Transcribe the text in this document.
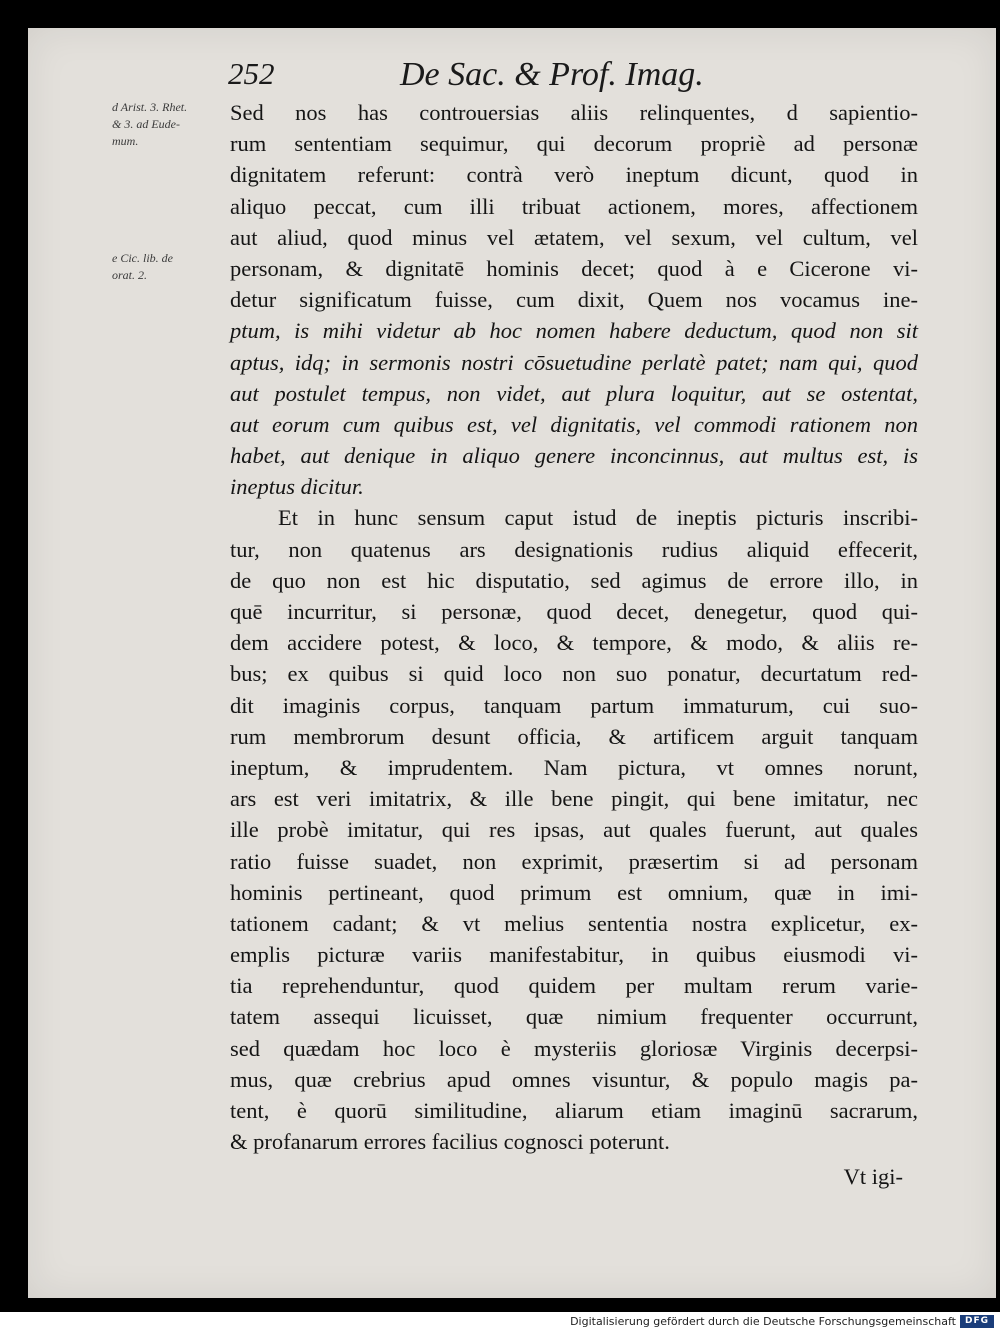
252	De Sac. & Prof. Imag.
d Arist. 3. Rhet.
& 3. ad Eude-
mum.
e Cic. lib. de
orat. 2.
Sed nos has controuersias aliis relinquentes, d sapientio-
rum sententiam sequimur, qui decorum propriè ad personæ
dignitatem referunt: contrà verò ineptum dicunt, quod in
aliquo peccat, cum illi tribuat actionem, mores, affectionem
aut aliud, quod minus vel ætatem, vel sexum, vel cultum, vel
personam, & dignitatē hominis decet; quod à e Cicerone vi-
detur significatum fuisse, cum dixit, Quem nos vocamus ine-
ptum, is mihi videtur ab hoc nomen habere deductum, quod non sit
aptus, idq; in sermonis nostri cōsuetudine perlatè patet; nam qui, quod
aut postulet tempus, non videt, aut plura loquitur, aut se ostentat,
aut eorum cum quibus est, vel dignitatis, vel commodi rationem non
habet, aut denique in aliquo genere inconcinnus, aut multus est, is
ineptus dicitur.
Et in hunc sensum caput istud de ineptis picturis inscribi-
tur, non quatenus ars designationis rudius aliquid effecerit,
de quo non est hic disputatio, sed agimus de errore illo, in
quē incurritur, si personæ, quod decet, denegetur, quod qui-
dem accidere potest, & loco, & tempore, & modo, & aliis re-
bus; ex quibus si quid loco non suo ponatur, decurtatum red-
dit imaginis corpus, tanquam partum immaturum, cui suo-
rum membrorum desunt officia, & artificem arguit tanquam
ineptum, & imprudentem. Nam pictura, vt omnes norunt,
ars est veri imitatrix, & ille bene pingit, qui bene imitatur, nec
ille probè imitatur, qui res ipsas, aut quales fuerunt, aut quales
ratio fuisse suadet, non exprimit, præsertim si ad personam
hominis pertineant, quod primum est omnium, quæ in imi-
tationem cadant; & vt melius sententia nostra explicetur, ex-
emplis picturæ variis manifestabitur, in quibus eiusmodi vi-
tia reprehenduntur, quod quidem per multam rerum varie-
tatem assequi licuisset, quæ nimium frequenter occurrunt,
sed quædam hoc loco è mysteriis gloriosæ Virginis decerpsi-
mus, quæ crebrius apud omnes visuntur, & populo magis pa-
tent, è quorū similitudine, aliarum etiam imaginū sacrarum,
& profanarum errores facilius cognosci poterunt.
Vt igi-
Digitalisierung gefördert durch die Deutsche Forschungsgemeinschaft DFG
